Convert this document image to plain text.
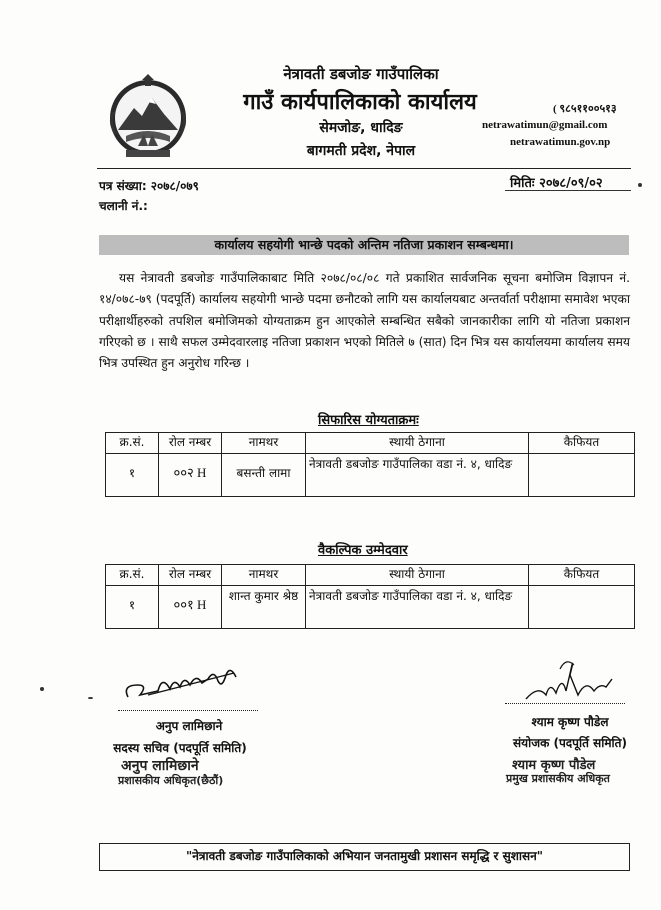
नेत्रावती डबजोङ गाउँपालिका
गाउँ कार्यपालिकाको कार्यालय
सेमजोङ, धादिङ
बागमती प्रदेश, नेपाल
( ९८५११००५१३
netrawatimun@gmail.com
netrawatimun.gov.np
पत्र संख्या: २०७८/०७९	मितिः २०७८/०९/०२
चलानी नं.:
कार्यालय सहयोगी भान्छे पदको अन्तिम नतिजा प्रकाशन सम्बन्धमा।

यस नेत्रावती डबजोङ गाउँपालिकाबाट मिति २०७८/०८/०८ गते प्रकाशित सार्वजनिक सूचना बमोजिम विज्ञापन नं. १४/०७८-७९ (पदपूर्ति) कार्यालय सहयोगी भान्छे पदमा छनौटको लागि यस कार्यालयबाट अन्तर्वार्ता परीक्षामा समावेश भएका परीक्षार्थीहरुको तपशिल बमोजिमको योग्यताक्रम हुन आएकोले सम्बन्धित सबैको जानकारीका लागि यो नतिजा प्रकाशन गरिएको छ । साथै सफल उम्मेदवारलाइ नतिजा प्रकाशन भएको मितिले ७ (सात) दिन भित्र यस कार्यालयमा कार्यालय समय भित्र उपस्थित हुन अनुरोध गरिन्छ ।

सिफारिस योग्यताक्रमः
क्र.सं.	रोल नम्बर	नामथर	स्थायी ठेगाना	कैफियत
१	००२ H	बसन्ती लामा	नेत्रावती डबजोङ गाउँपालिका वडा नं. ४, धादिङ	
वैकल्पिक उम्मेदवार
क्र.सं.	रोल नम्बर	नामथर	स्थायी ठेगाना	कैफियत
१	००१ H	शान्त कुमार श्रेष्ठ	नेत्रावती डबजोङ गाउँपालिका वडा नं. ४, धादिङ	
अनुप लामिछाने
सदस्य सचिव (पदपूर्ति समिति)
अनुप लामिछाने
प्रशासकीय अधिकृत(छैठौं)
श्याम कृष्ण पौडेल
संयोजक (पदपूर्ति समिति)
श्याम कृष्ण पौडेल
प्रमुख प्रशासकीय अधिकृत
"नेत्रावती डबजोङ गाउँपालिकाको अभियान जनतामुखी प्रशासन समृद्धि र सुशासन"
